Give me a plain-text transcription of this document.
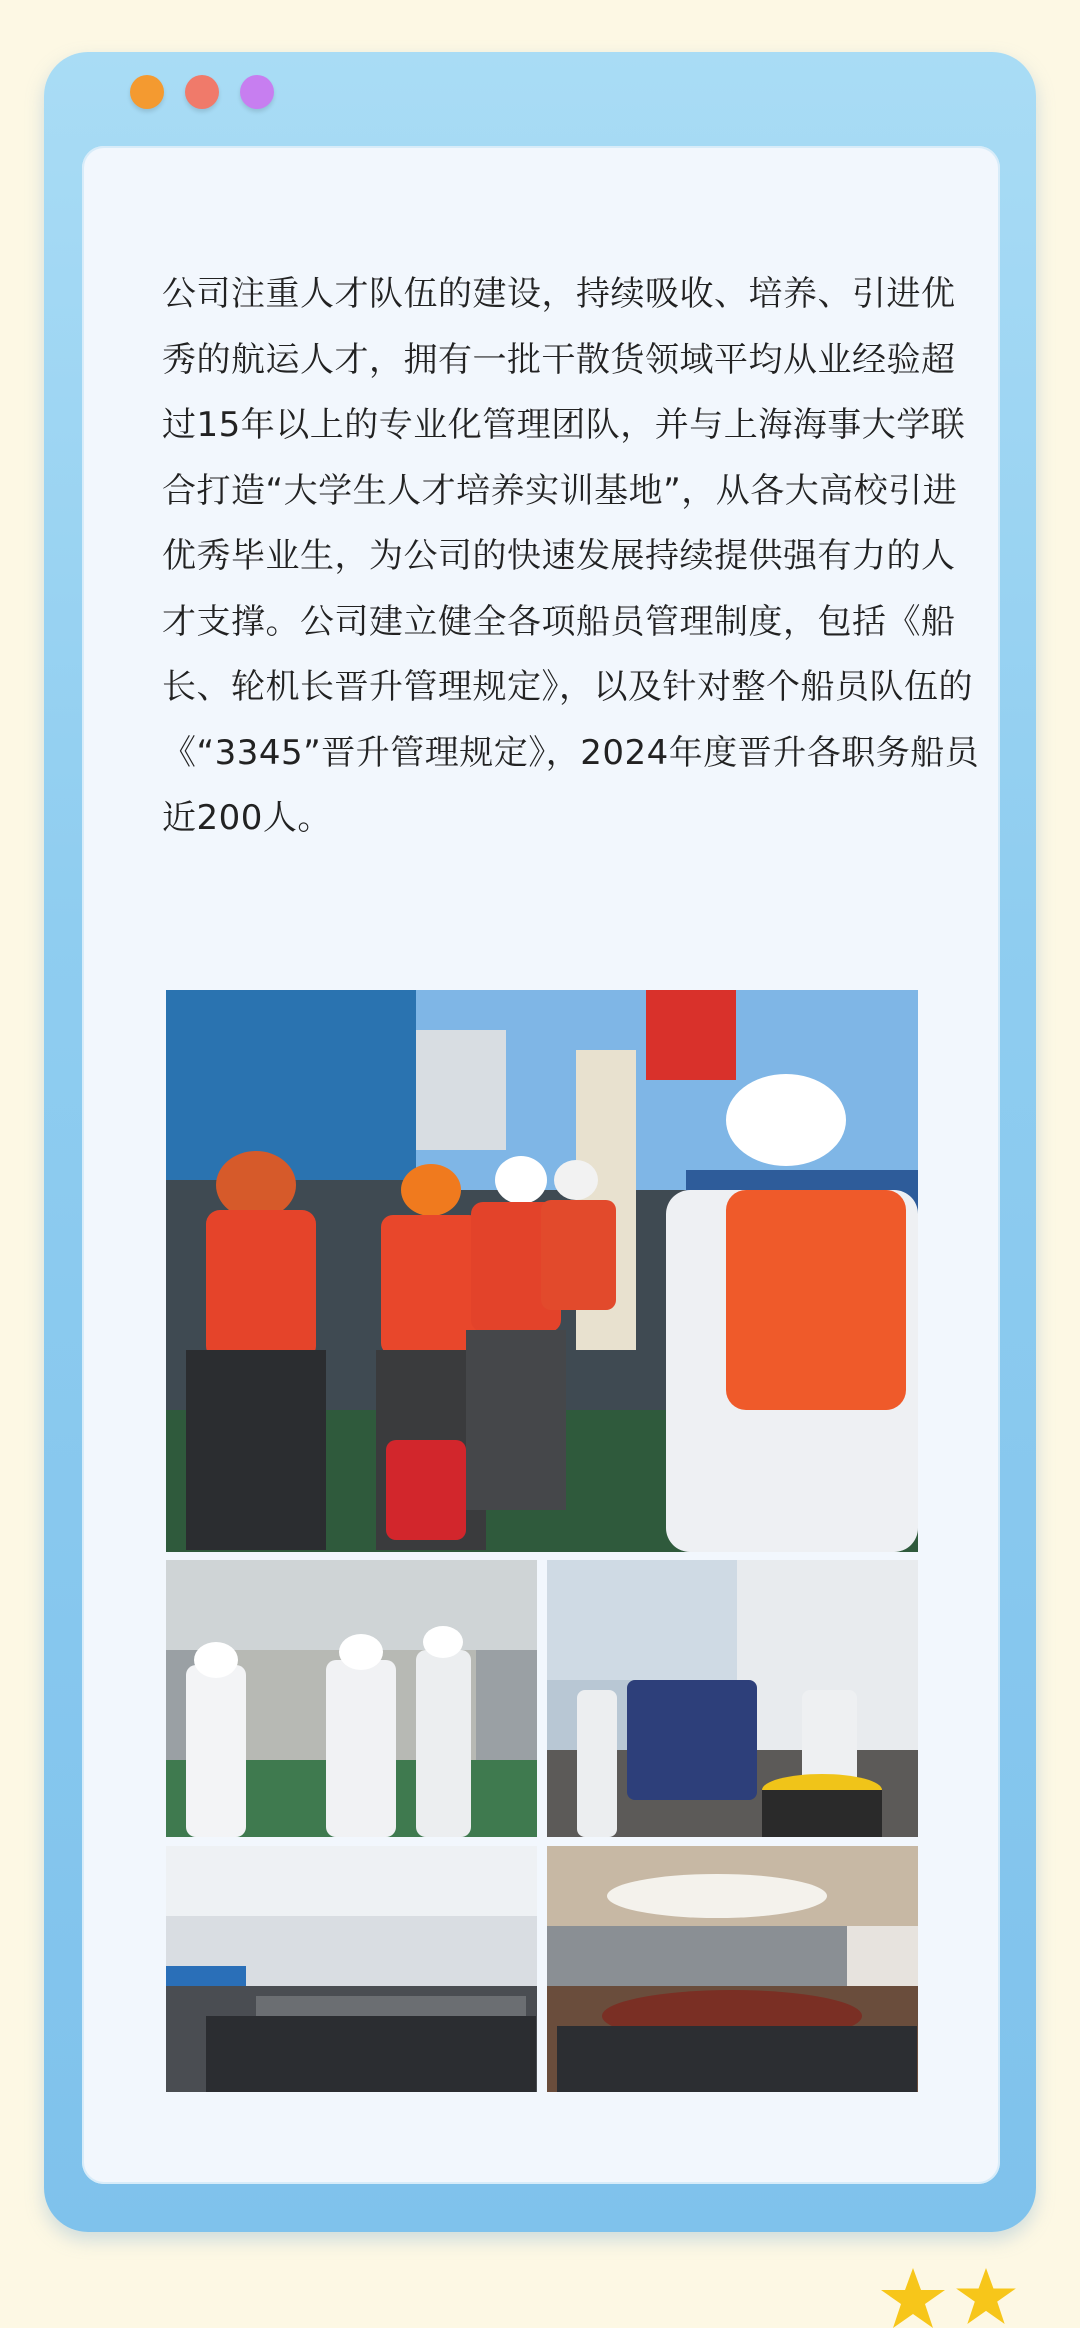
公司注重人才队伍的建设，持续吸收、培养、引进优秀的航运人才，拥有一批干散货领域平均从业经验超过15年以上的专业化管理团队，并与上海海事大学联合打造“大学生人才培养实训基地”，从各大高校引进优秀毕业生，为公司的快速发展持续提供强有力的人才支撑。公司建立健全各项船员管理制度，包括《船长、轮机长晋升管理规定》，以及针对整个船员队伍的《“3345”晋升管理规定》，2024年度晋升各职务船员近200人。
